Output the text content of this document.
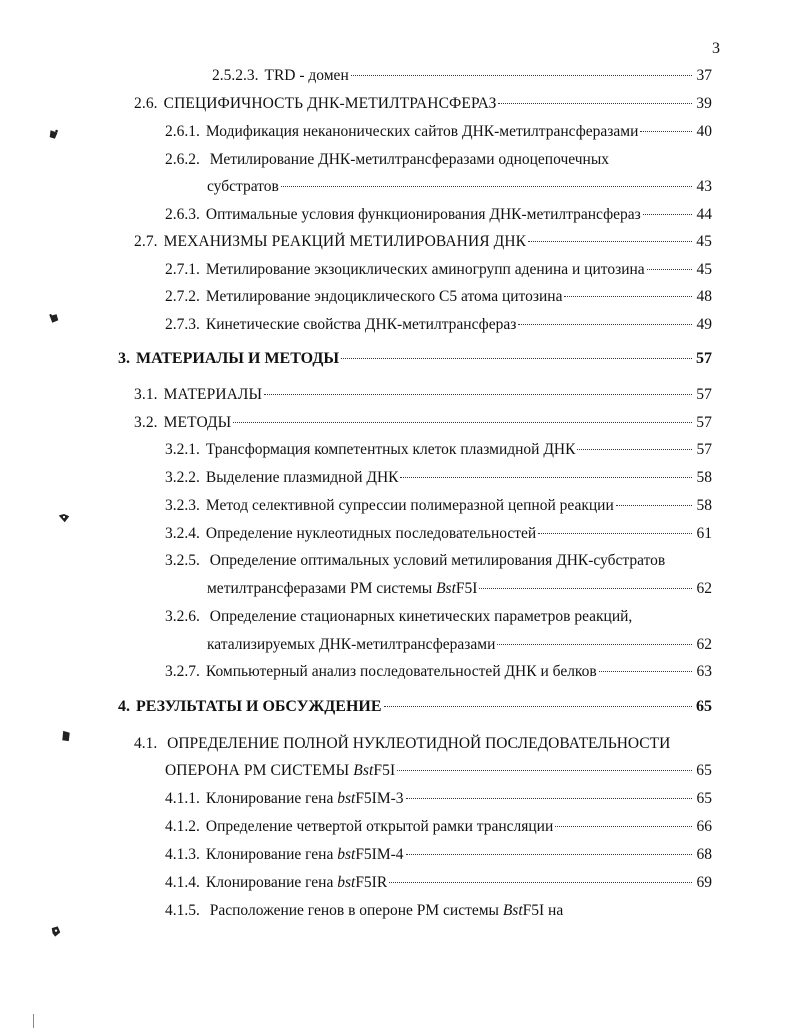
3
2.5.2.3. TRD - домен	37
2.6. СПЕЦИФИЧНОСТЬ ДНК-МЕТИЛТРАНСФЕРАЗ	39
2.6.1. Модификация неканонических сайтов ДНК-метилтрансферазами	40
2.6.2. Метилирование ДНК-метилтрансферазами одноцепочечных
субстратов	43
2.6.3. Оптимальные условия функционирования ДНК-метилтрансфераз	44
2.7. МЕХАНИЗМЫ РЕАКЦИЙ МЕТИЛИРОВАНИЯ ДНК	45
2.7.1. Метилирование экзоциклических аминогрупп аденина и цитозина	45
2.7.2. Метилирование эндоциклического С5 атома цитозина	48
2.7.3. Кинетические свойства ДНК-метилтрансфераз	49
3. МАТЕРИАЛЫ И МЕТОДЫ	57
3.1. МАТЕРИАЛЫ	57
3.2. МЕТОДЫ	57
3.2.1. Трансформация компетентных клеток плазмидной ДНК	57
3.2.2. Выделение плазмидной ДНК	58
3.2.3. Метод селективной супрессии полимеразной цепной реакции	58
3.2.4. Определение нуклеотидных последовательностей	61
3.2.5. Определение оптимальных условий метилирования ДНК-субстратов
метилтрансферазами РМ системы BstF5I	62
3.2.6. Определение стационарных кинетических параметров реакций,
катализируемых ДНК-метилтрансферазами	62
3.2.7. Компьютерный анализ последовательностей ДНК и белков	63
4. РЕЗУЛЬТАТЫ И ОБСУЖДЕНИЕ	65
4.1. ОПРЕДЕЛЕНИЕ ПОЛНОЙ НУКЛЕОТИДНОЙ ПОСЛЕДОВАТЕЛЬНОСТИ
ОПЕРОНА РМ СИСТЕМЫ BstF5I	65
4.1.1. Клонирование гена bstF5IM-3	65
4.1.2. Определение четвертой открытой рамки трансляции	66
4.1.3. Клонирование гена bstF5IM-4	68
4.1.4. Клонирование гена bstF5IR	69
4.1.5. Расположение генов в опероне РМ системы BstF5I на
